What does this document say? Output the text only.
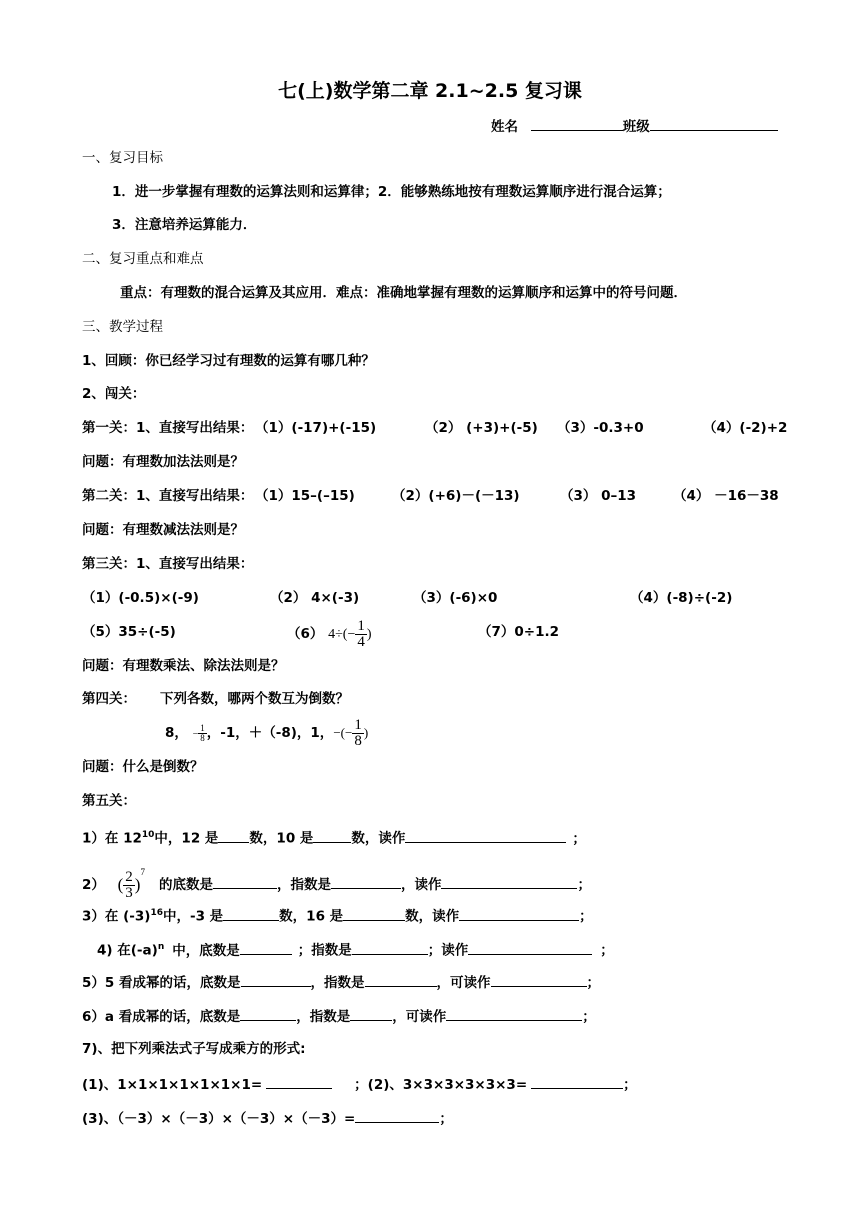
七(上)数学第二章 2.1~2.5 复习课
姓名	班级
一、复习目标
1．进一步掌握有理数的运算法则和运算律；2．能够熟练地按有理数运算顺序进行混合运算；
3．注意培养运算能力．
二、复习重点和难点
重点：有理数的混合运算及其应用．难点：准确地掌握有理数的运算顺序和运算中的符号问题．
三、教学过程
1、回顾：你已经学习过有理数的运算有哪几种？
2、闯关：
第一关：1、直接写出结果： （1）(-17)+(-15)	（2） (+3)+(-5) （3）-0.3+0	（4）(-2)+2
问题：有理数加法法则是？
第二关：1、直接写出结果： （1）15–(–15)	（2）(+6)－(－13)	（3） 0–13	（4） －16－38
问题：有理数减法法则是？
第三关：1、直接写出结果：
（1）(-0.5)×(-9)	（2） 4×(-3)	（3）(-6)×0	（4）(-8)÷(-2)
（5）35÷(-5)	（6） $4\div(- \frac{1}{4}$ )	（7）0÷1.2
问题：有理数乘法、除法法则是？
第四关： 下列各数，哪两个数互为倒数？
8， − $\frac{1}{8}$ ，-1，＋（-8)，1，−(− $\frac{1}{8}$ )
问题：什么是倒数？
第五关：
1）在 $12^{10}$中，12 是 数，10 是	数，读作	；
2） ( $\frac{2}{3} )^7$的底数是	，指数是	，读作	；
3）在 $(-3)^{16}$中，-3 是	数，16 是	数，读作	；
4) 在$(-a)^n$ 中，底数是	；指数是	；读作	；
5）5 看成幂的话，底数是	，指数是	，可读作	；
6）a 看成幂的话，底数是	，指数是	，可读作	；
7)、把下列乘法式子写成乘方的形式:
(1)、1×1×1×1×1×1×1=	；(2)、3×3×3×3×3×3=	；
(3)、（－3）×（－3）×（－3）×（－3）=	；
